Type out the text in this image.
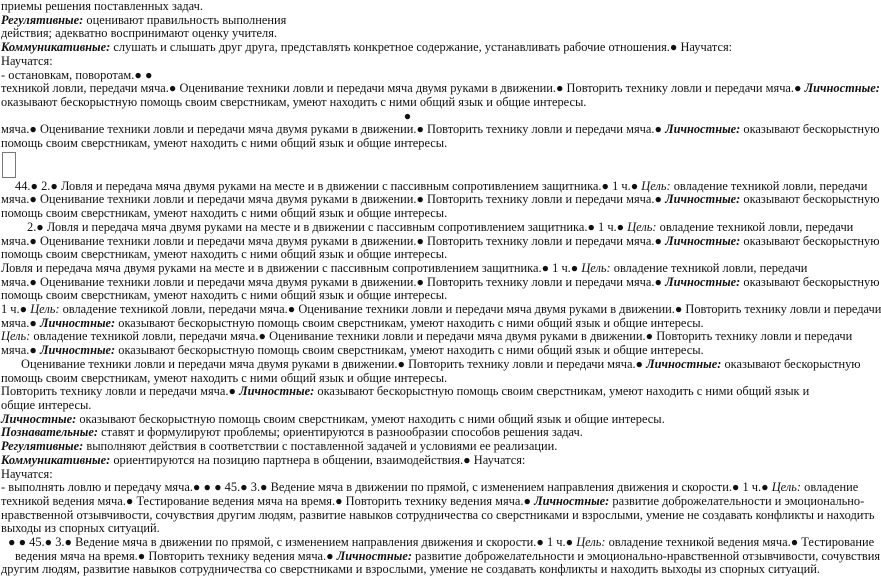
приемы решения поставленных задач.
Регулятивные: оценивают правильность выполнения
действия; адекватно воспринимают оценку учителя.
Коммуникативные: слушать и слышать друг друга, представлять конкретное содержание, устанавливать рабочие отношения.● Научатся:
Научатся:
- остановкам, поворотам.● ●
техникой ловли, передачи мяча.● Оценивание техники ловли и передачи мяча двумя руками в движении.● Повторить технику ловли и передачи мяча.● Личностные:
оказывают бескорыстную помощь своим сверстникам, умеют находить с ними общий язык и общие интересы.
●
мяча.● Оценивание техники ловли и передачи мяча двумя руками в движении.● Повторить технику ловли и передачи мяча.● Личностные: оказывают бескорыстную
помощь своим сверстникам, умеют находить с ними общий язык и общие интересы.
44.● 2.● Ловля и передача мяча двумя руками на месте и в движении с пассивным сопротивлением защитника.● 1 ч.● Цель: овладение техникой ловли, передачи
мяча.● Оценивание техники ловли и передачи мяча двумя руками в движении.● Повторить технику ловли и передачи мяча.● Личностные: оказывают бескорыстную
помощь своим сверстникам, умеют находить с ними общий язык и общие интересы.
2.● Ловля и передача мяча двумя руками на месте и в движении с пассивным сопротивлением защитника.● 1 ч.● Цель: овладение техникой ловли, передачи
мяча.● Оценивание техники ловли и передачи мяча двумя руками в движении.● Повторить технику ловли и передачи мяча.● Личностные: оказывают бескорыстную
помощь своим сверстникам, умеют находить с ними общий язык и общие интересы.
Ловля и передача мяча двумя руками на месте и в движении с пассивным сопротивлением защитника.● 1 ч.● Цель: овладение техникой ловли, передачи
мяча.● Оценивание техники ловли и передачи мяча двумя руками в движении.● Повторить технику ловли и передачи мяча.● Личностные: оказывают бескорыстную
помощь своим сверстникам, умеют находить с ними общий язык и общие интересы.
1 ч.● Цель: овладение техникой ловли, передачи мяча.● Оценивание техники ловли и передачи мяча двумя руками в движении.● Повторить технику ловли и передачи
мяча.● Личностные: оказывают бескорыстную помощь своим сверстникам, умеют находить с ними общий язык и общие интересы.
Цель: овладение техникой ловли, передачи мяча.● Оценивание техники ловли и передачи мяча двумя руками в движении.● Повторить технику ловли и передачи
мяча.● Личностные: оказывают бескорыстную помощь своим сверстникам, умеют находить с ними общий язык и общие интересы.
Оценивание техники ловли и передачи мяча двумя руками в движении.● Повторить технику ловли и передачи мяча.● Личностные: оказывают бескорыстную
помощь своим сверстникам, умеют находить с ними общий язык и общие интересы.
Повторить технику ловли и передачи мяча.● Личностные: оказывают бескорыстную помощь своим сверстникам, умеют находить с ними общий язык и общие интересы.
Личностные: оказывают бескорыстную помощь своим сверстникам, умеют находить с ними общий язык и общие интересы.
Познавательные: ставят и формулируют проблемы; ориентируются в разнообразии способов решения задач.
Регулятивные: выполняют действия в соответствии с поставленной задачей и условиями ее реализации.
Коммуникативные: ориентируются на позицию партнера в общении, взаимодействия.● Научатся:
Научатся:
- выполнять ловлю и передачу мяча.● ● ● 45.● 3.● Ведение мяча в движении по прямой, с изменением направления движения и скорости.● 1 ч.● Цель: овладение
техникой ведения мяча.● Тестирование ведения мяча на время.● Повторить технику ведения мяча.● Личностные: развитие доброжелательности и эмоционально-
нравственной отзывчивости, сочувствия другим людям, развитие навыков сотрудничества со сверстниками и взрослыми, умение не создавать конфликты и находить
выходы из спорных ситуаций.
● ● 45.● 3.● Ведение мяча в движении по прямой, с изменением направления движения и скорости.● 1 ч.● Цель: овладение техникой ведения мяча.● Тестирование
ведения мяча на время.● Повторить технику ведения мяча.● Личностные: развитие доброжелательности и эмоционально-нравственной отзывчивости, сочувствия
другим людям, развитие навыков сотрудничества со сверстниками и взрослыми, умение не создавать конфликты и находить выходы из спорных ситуаций.
